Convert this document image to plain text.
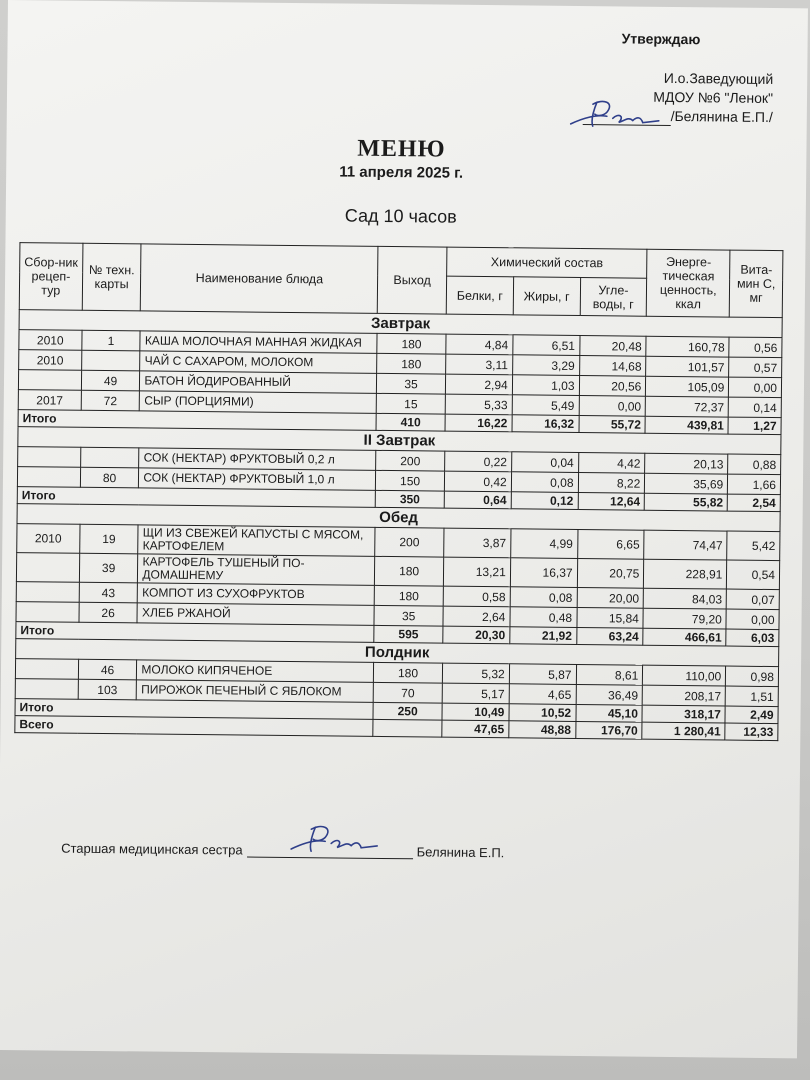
Утверждаю
И.о.Заведующий
МДОУ №6 "Ленок"
/Белянина Е.П./
МЕНЮ
11 апреля 2025 г.
Сад 10 часов
Сбор-ник рецеп-тур	№ техн. карты	Наименование блюда	Выход	Химический состав			Энерге-тическая ценность, ккал	Вита-мин С, мг
				Белки, г	Жиры, г	Угле-воды, г		
Завтрак								
2010	1	КАША МОЛОЧНАЯ МАННАЯ ЖИДКАЯ	180	4,84	6,51	20,48	160,78	0,56
2010		ЧАЙ С САХАРОМ, МОЛОКОМ	180	3,11	3,29	14,68	101,57	0,57
	49	БАТОН ЙОДИРОВАННЫЙ	35	2,94	1,03	20,56	105,09	0,00
2017	72	СЫР (ПОРЦИЯМИ)	15	5,33	5,49	0,00	72,37	0,14
Итого			410	16,22	16,32	55,72	439,81	1,27
II Завтрак								
		СОК (НЕКТАР) ФРУКТОВЫЙ 0,2 л	200	0,22	0,04	4,42	20,13	0,88
	80	СОК (НЕКТАР) ФРУКТОВЫЙ 1,0 л	150	0,42	0,08	8,22	35,69	1,66
Итого			350	0,64	0,12	12,64	55,82	2,54
Обед								
2010	19	ЩИ ИЗ СВЕЖЕЙ КАПУСТЫ С МЯСОМ, КАРТОФЕЛЕМ	200	3,87	4,99	6,65	74,47	5,42
	39	КАРТОФЕЛЬ ТУШЕНЫЙ ПО-ДОМАШНЕМУ	180	13,21	16,37	20,75	228,91	0,54
	43	КОМПОТ ИЗ СУХОФРУКТОВ	180	0,58	0,08	20,00	84,03	0,07
	26	ХЛЕБ РЖАНОЙ	35	2,64	0,48	15,84	79,20	0,00
Итого			595	20,30	21,92	63,24	466,61	6,03
Полдник								
	46	МОЛОКО КИПЯЧЕНОЕ	180	5,32	5,87	8,61	110,00	0,98
	103	ПИРОЖОК ПЕЧЕНЫЙ С ЯБЛОКОМ	70	5,17	4,65	36,49	208,17	1,51
Итого			250	10,49	10,52	45,10	318,17	2,49
Всего				47,65	48,88	176,70	1 280,41	12,33
Старшая медицинская сестра	Белянина Е.П.
